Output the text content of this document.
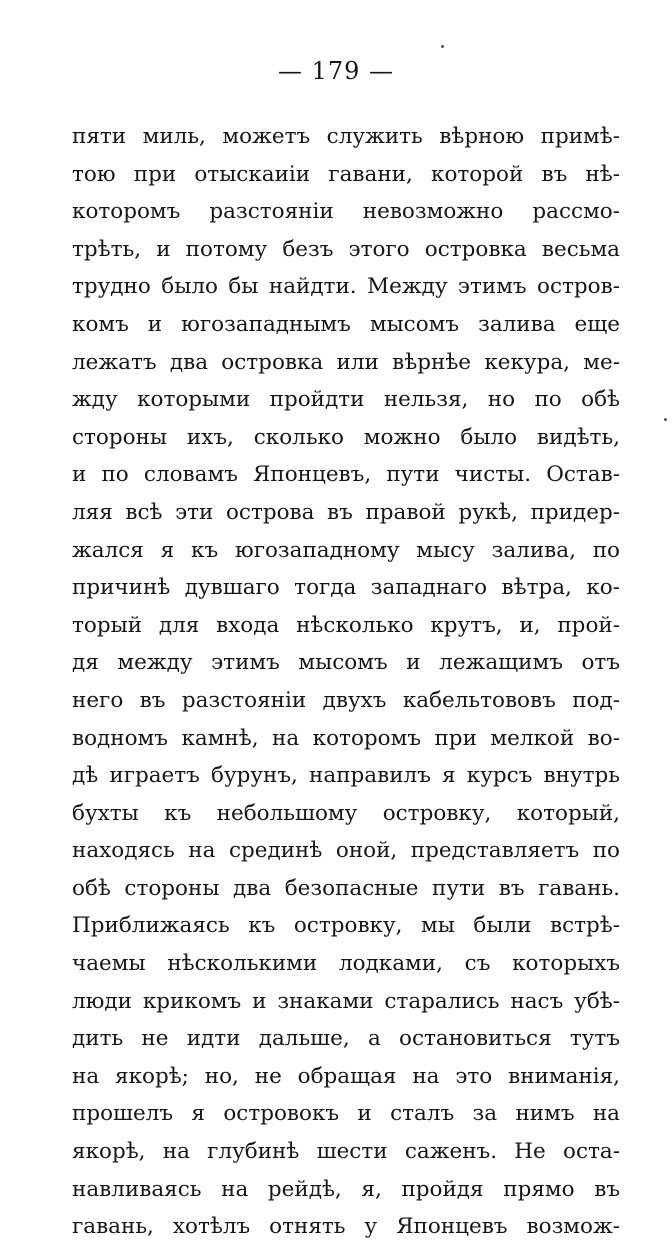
— 179 —
пяти миль, можетъ служить вѣрною примѣ-
тою при отыскаиіи гавани, которой въ нѣ-
которомъ разстояніи невозможно рассмо-
трѣть, и потому безъ этого островка весьма
трудно было бы найдти. Между этимъ остров-
комъ и югозападнымъ мысомъ залива еще
лежатъ два островка или вѣрнѣе кекура, ме-
жду которыми пройдти нельзя, но по обѣ
стороны ихъ, сколько можно было видѣть,
и по словамъ Японцевъ, пути чисты. Остав-
ляя всѣ эти острова въ правой рукѣ, придер-
жался я къ югозападному мысу залива, по
причинѣ дувшаго тогда западнаго вѣтра, ко-
торый для входа нѣсколько крутъ, и, прой-
дя между этимъ мысомъ и лежащимъ отъ
него въ разстояніи двухъ кабельтововъ под-
водномъ камнѣ, на которомъ при мелкой во-
дѣ играетъ бурунъ, направилъ я курсъ внутрь
бухты къ небольшому островку, который,
находясь на срединѣ оной, представляетъ по
обѣ стороны два безопасные пути въ гавань.
Приближаясь къ островку, мы были встрѣ-
чаемы нѣсколькими лодками, съ которыхъ
люди крикомъ и знаками старались насъ убѣ-
дить не идти дальше, а остановиться тутъ
на якорѣ; но, не обращая на это вниманія,
прошелъ я островокъ и сталъ за нимъ на
якорѣ, на глубинѣ шести саженъ. Не оста-
навливаясь на рейдѣ, я, пройдя прямо въ
гавань, хотѣлъ отнять у Японцевъ возмож-
